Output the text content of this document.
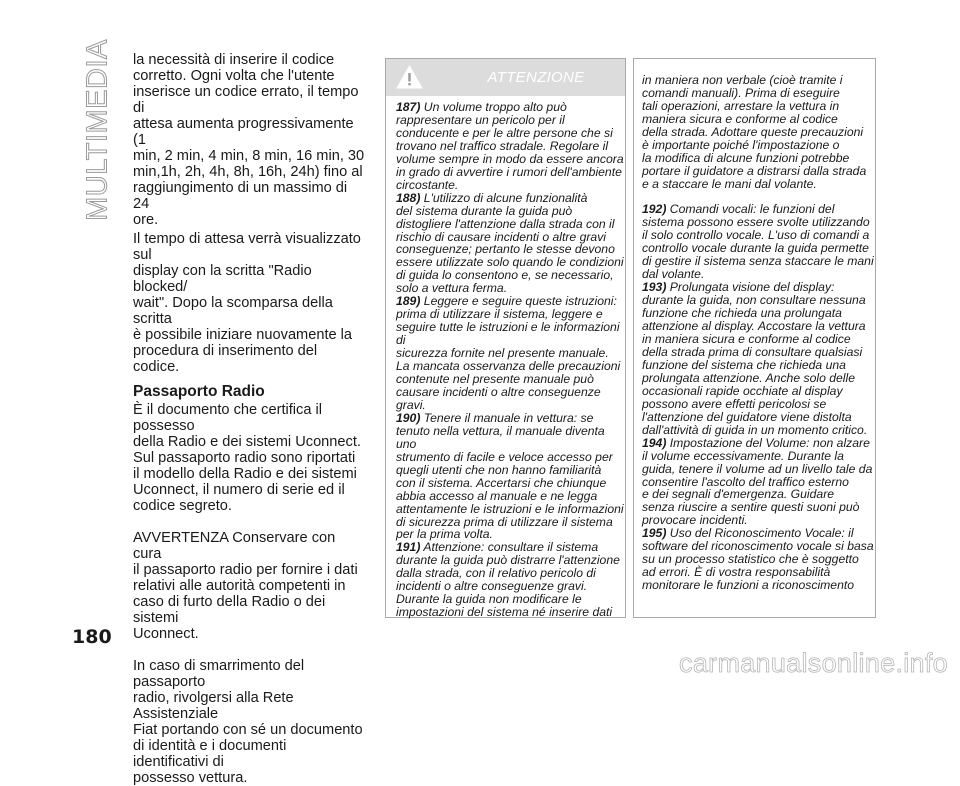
MULTIMEDIA la necessità di inserire il codice
corretto. Ogni volta che l'utente
inserisce un codice errato, il tempo di
attesa aumenta progressivamente (1
min, 2 min, 4 min, 8 min, 16 min, 30
min,1h, 2h, 4h, 8h, 16h, 24h) fino al
raggiungimento di un massimo di 24
ore.

Il tempo di attesa verrà visualizzato sul
display con la scritta "Radio blocked/
wait". Dopo la scomparsa della scritta
è possibile iniziare nuovamente la
procedura di inserimento del codice.

Passaporto Radio

È il documento che certifica il possesso
della Radio e dei sistemi Uconnect.
Sul passaporto radio sono riportati
il modello della Radio e dei sistemi
Uconnect, il numero di serie ed il
codice segreto.

AVVERTENZA Conservare con cura
il passaporto radio per fornire i dati
relativi alle autorità competenti in
caso di furto della Radio o dei sistemi
Uconnect.

In caso di smarrimento del passaporto
radio, rivolgersi alla Rete Assistenziale
Fiat portando con sé un documento
di identità e i documenti identificativi di
possesso vettura.

ATTENZIONE
187) Un volume troppo alto può
rappresentare un pericolo per il
conducente e per le altre persone che si
trovano nel traffico stradale. Regolare il
volume sempre in modo da essere ancora
in grado di avvertire i rumori dell'ambiente
circostante.
188) L'utilizzo di alcune funzionalità
del sistema durante la guida può
distogliere l'attenzione dalla strada con il
rischio di causare incidenti o altre gravi
conseguenze; pertanto le stesse devono
essere utilizzate solo quando le condizioni
di guida lo consentono e, se necessario,
solo a vettura ferma.
189) Leggere e seguire queste istruzioni:
prima di utilizzare il sistema, leggere e
seguire tutte le istruzioni e le informazioni di
sicurezza fornite nel presente manuale.
La mancata osservanza delle precauzioni
contenute nel presente manuale può
causare incidenti o altre conseguenze
gravi.
190) Tenere il manuale in vettura: se
tenuto nella vettura, il manuale diventa uno
strumento di facile e veloce accesso per
quegli utenti che non hanno familiarità
con il sistema. Accertarsi che chiunque
abbia accesso al manuale e ne legga
attentamente le istruzioni e le informazioni
di sicurezza prima di utilizzare il sistema
per la prima volta.
191) Attenzione: consultare il sistema
durante la guida può distrarre l'attenzione
dalla strada, con il relativo pericolo di
incidenti o altre conseguenze gravi.
Durante la guida non modificare le
impostazioni del sistema né inserire dati

in maniera non verbale (cioè tramite i
comandi manuali). Prima di eseguire
tali operazioni, arrestare la vettura in
maniera sicura e conforme al codice
della strada. Adottare queste precauzioni
è importante poiché l'impostazione o
la modifica di alcune funzioni potrebbe
portare il guidatore a distrarsi dalla strada
e a staccare le mani dal volante.

192) Comandi vocali: le funzioni del
sistema possono essere svolte utilizzando
il solo controllo vocale. L'uso di comandi a
controllo vocale durante la guida permette
di gestire il sistema senza staccare le mani
dal volante.
193) Prolungata visione del display:
durante la guida, non consultare nessuna
funzione che richieda una prolungata
attenzione al display. Accostare la vettura
in maniera sicura e conforme al codice
della strada prima di consultare qualsiasi
funzione del sistema che richieda una
prolungata attenzione. Anche solo delle
occasionali rapide occhiate al display
possono avere effetti pericolosi se
l'attenzione del guidatore viene distolta
dall'attività di guida in un momento critico.
194) Impostazione del Volume: non alzare
il volume eccessivamente. Durante la
guida, tenere il volume ad un livello tale da
consentire l'ascolto del traffico esterno
e dei segnali d'emergenza. Guidare
senza riuscire a sentire questi suoni può
provocare incidenti.
195) Uso del Riconoscimento Vocale: il
software del riconoscimento vocale si basa
su un processo statistico che è soggetto
ad errori. È di vostra responsabilità
monitorare le funzioni a riconoscimento
180
carmanualsonline.info
